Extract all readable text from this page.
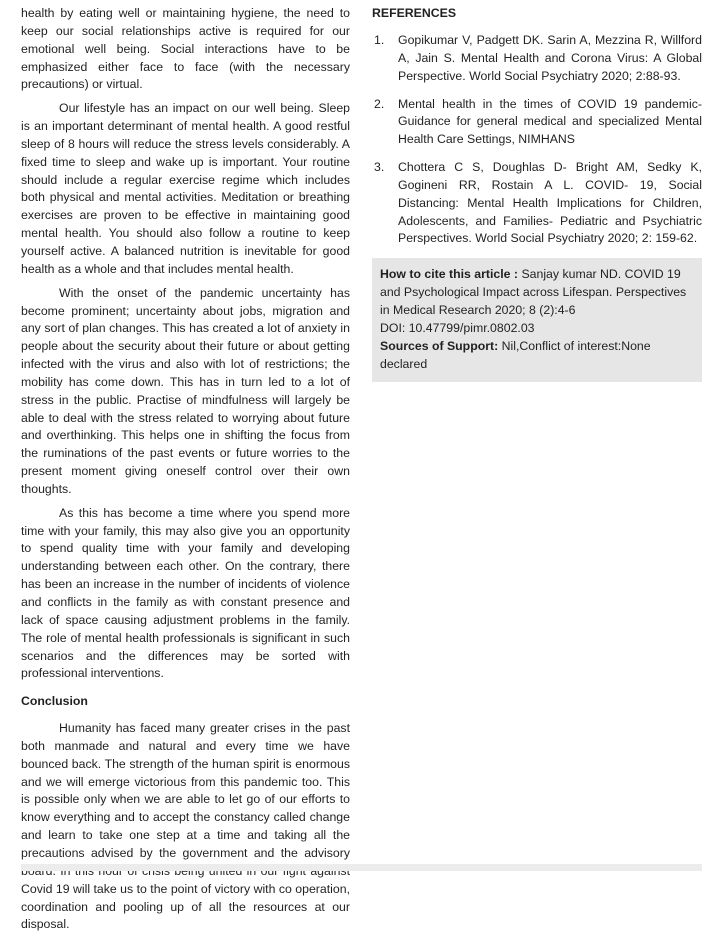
health by eating well or maintaining hygiene, the need to keep our social relationships active is required for our emotional well being. Social interactions have to be emphasized either face to face (with the necessary precautions) or virtual.

Our lifestyle has an impact on our well being. Sleep is an important determinant of mental health. A good restful sleep of 8 hours will reduce the stress levels considerably. A fixed time to sleep and wake up is important. Your routine should include a regular exercise regime which includes both physical and mental activities. Meditation or breathing exercises are proven to be effective in maintaining good mental health. You should also follow a routine to keep yourself active. A balanced nutrition is inevitable for good health as a whole and that includes mental health.

With the onset of the pandemic uncertainty has become prominent; uncertainty about jobs, migration and any sort of plan changes. This has created a lot of anxiety in people about the security about their future or about getting infected with the virus and also with lot of restrictions; the mobility has come down. This has in turn led to a lot of stress in the public. Practise of mindfulness will largely be able to deal with the stress related to worrying about future and overthinking. This helps one in shifting the focus from the ruminations of the past events or future worries to the present moment giving oneself control over their own thoughts.

As this has become a time where you spend more time with your family, this may also give you an opportunity to spend quality time with your family and developing understanding between each other. On the contrary, there has been an increase in the number of incidents of violence and conflicts in the family as with constant presence and lack of space causing adjustment problems in the family. The role of mental health professionals is significant in such scenarios and the differences may be sorted with professional interventions.

Conclusion

Humanity has faced many greater crises in the past both manmade and natural and every time we have bounced back. The strength of the human spirit is enormous and we will emerge victorious from this pandemic too. This is possible only when we are able to let go of our efforts to know everything and to accept the constancy called change and learn to take one step at a time and taking all the precautions advised by the government and the advisory Covid 19 will take us to the point of victory with co operation, coordination and pooling up of all the resources at our disposal.

REFERENCES
1. Gopikumar V, Padgett DK. Sarin A, Mezzina R, Willford A, Jain S. Mental Health and Corona Virus: A Global Perspective. World Social Psychiatry 2020; 2:88-93.
2. Mental health in the times of COVID 19 pandemic- Guidance for general medical and specialized Mental Health Care Settings, NIMHANS
3. Chottera C S, Doughlas D- Bright AM, Sedky K, Gogineni RR, Rostain A L. COVID- 19, Social Distancing: Mental Health Implications for Children, Adolescents, and Families- Pediatric and Psychiatric Perspectives. World Social Psychiatry 2020; 2: 159-62.

How to cite this article : Sanjay kumar ND. COVID 19 and Psychological Impact across Lifespan. Perspectives in Medical Research 2020; 8 (2):4-6

DOI: 10.47799/pimr.0802.03

Sources of Support: Nil,Conflict of interest:None declared
